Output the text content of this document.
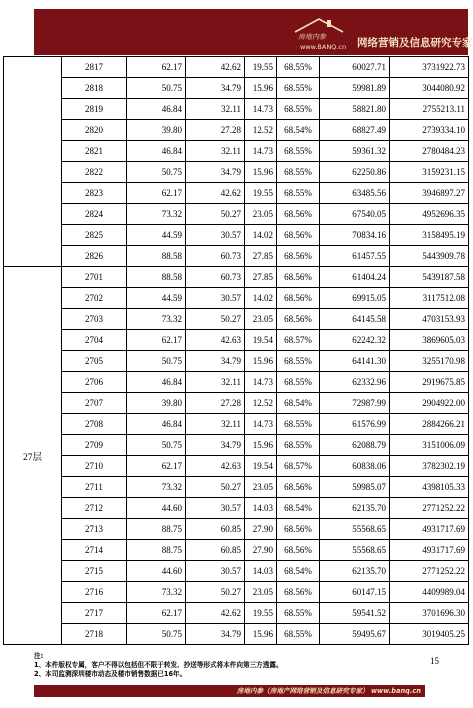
房地内参
www.BANQ.cn 网络营销及信息研究专家
	2817	62.17	42.62	19.55	68.55%	60027.71	3731922.73
	2818	50.75	34.79	15.96	68.55%	59981.89	3044080.92
	2819	46.84	32.11	14.73	68.55%	58821.80	2755213.11
	2820	39.80	27.28	12.52	68.54%	68827.49	2739334.10
	2821	46.84	32.11	14.73	68.55%	59361.32	2780484.23
	2822	50.75	34.79	15.96	68.55%	62250.86	3159231.15
	2823	62.17	42.62	19.55	68.55%	63485.56	3946897.27
	2824	73.32	50.27	23.05	68.56%	67540.05	4952696.35
	2825	44.59	30.57	14.02	68.56%	70834.16	3158495.19
	2826	88.58	60.73	27.85	68.56%	61457.55	5443909.78
27层	2701	88.58	60.73	27.85	68.56%	61404.24	5439187.58
	2702	44.59	30.57	14.02	68.56%	69915.05	3117512.08
	2703	73.32	50.27	23.05	68.56%	64145.58	4703153.93
	2704	62.17	42.63	19.54	68.57%	62242.32	3869605.03
	2705	50.75	34.79	15.96	68.55%	64141.30	3255170.98
	2706	46.84	32.11	14.73	68.55%	62332.96	2919675.85
	2707	39.80	27.28	12.52	68.54%	72987.99	2904922.00
	2708	46.84	32.11	14.73	68.55%	61576.99	2884266.21
	2709	50.75	34.79	15.96	68.55%	62088.79	3151006.09
	2710	62.17	42.63	19.54	68.57%	60838.06	3782302.19
	2711	73.32	50.27	23.05	68.56%	59985.07	4398105.33
	2712	44.60	30.57	14.03	68.54%	62135.70	2771252.22
	2713	88.75	60.85	27.90	68.56%	55568.65	4931717.69
	2714	88.75	60.85	27.90	68.56%	55568.65	4931717.69
	2715	44.60	30.57	14.03	68.54%	62135.70	2771252.22
	2716	73.32	50.27	23.05	68.56%	60147.15	4409989.04
	2717	62.17	42.62	19.55	68.55%	59541.52	3701696.30
	2718	50.75	34.79	15.96	68.55%	59495.67	3019405.25
注:
1、本件版权专属，客户不得以包括但不限于转发、抄送等形式将本件向第三方透露。
2、本司监测深圳楼市动态及楼市销售数据已16年。
15
房地内参（房地产网络营销及信息研究专家） www.banq.cn
